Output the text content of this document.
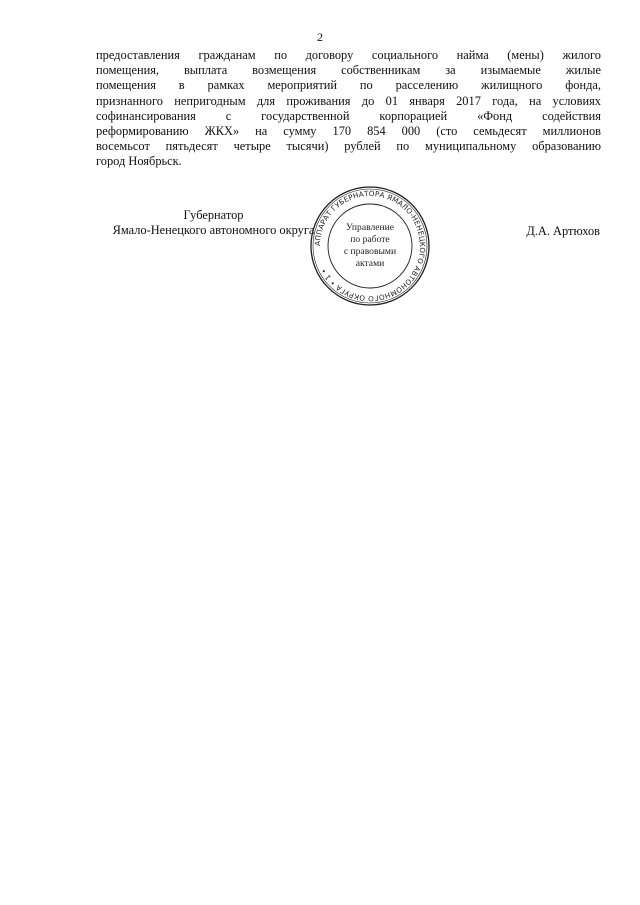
2
предоставления гражданам по договору социального найма (мены) жилого
помещения, выплата возмещения собственникам за изымаемые жилые
помещения в рамках мероприятий по расселению жилищного фонда,
признанного непригодным для проживания до 01 января 2017 года, на условиях
софинансирования с государственной корпорацией «Фонд содействия
реформированию ЖКХ» на сумму 170 854 000 (сто семьдесят миллионов
восемьсот пятьдесят четыре тысячи) рублей по муниципальному образованию
город Ноябрьск.
Губернатор
Ямало-Ненецкого автономного округа	Д.А. Артюхов
АППАРАТ ГУБЕРНАТОРА ЯМАЛО-НЕНЕЦКОГО АВТОНОМНОГО ОКРУГА • 1 •
Управление
по работе
с правовыми
актами
